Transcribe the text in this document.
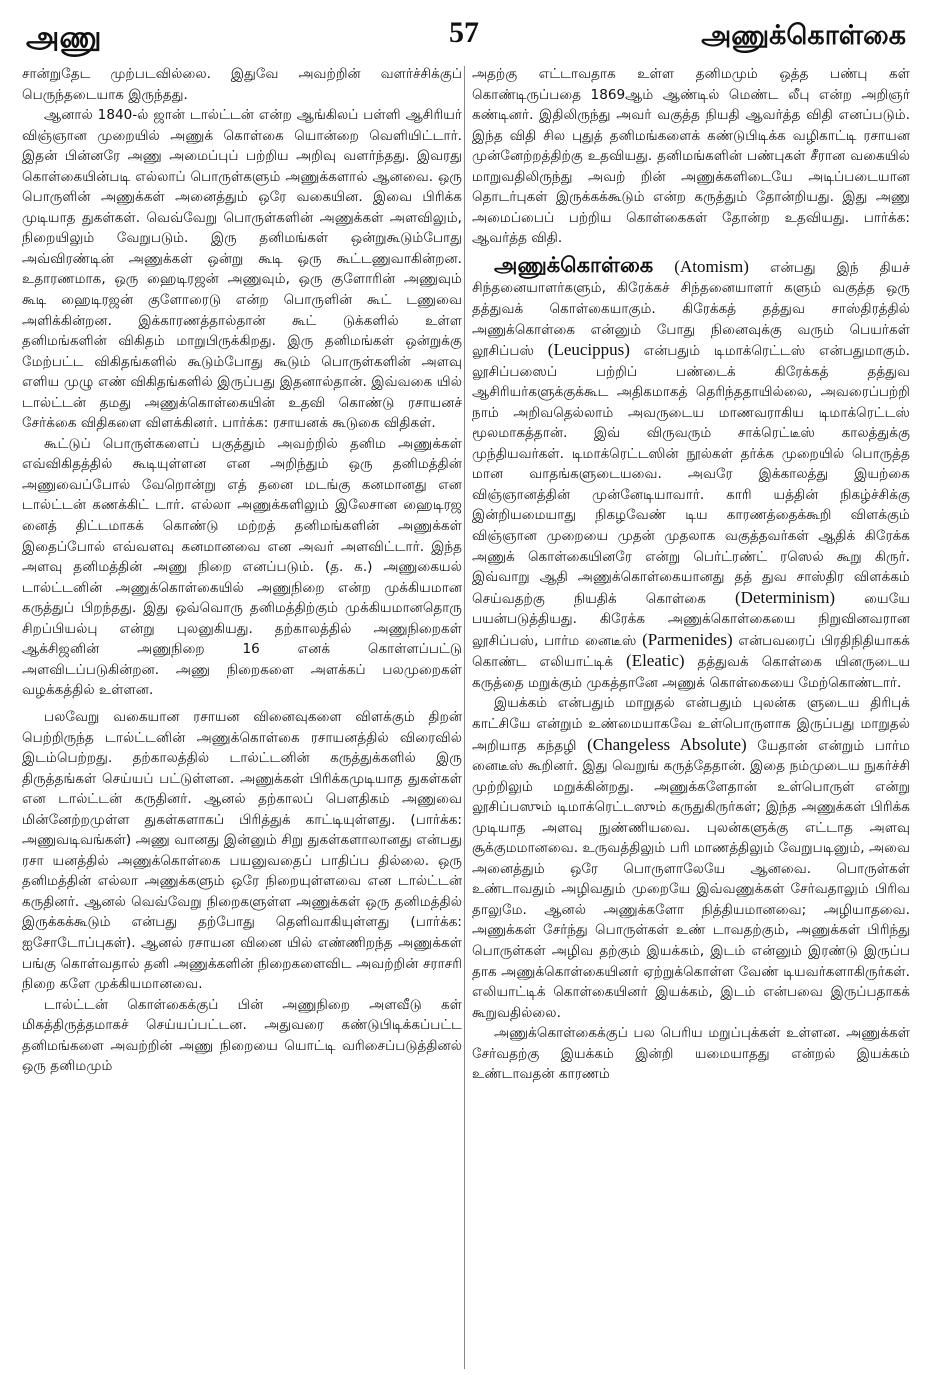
அணு	57	அணுக்கொள்கை

சான்றுதேட முற்படவில்லை. இதுவே அவற்றின் வளர்ச்சிக்குப் பெருந்தடையாக இருந்தது.

ஆனால் 1840-ல் ஜான் டால்ட்டன் என்ற ஆங்கிலப் பள்ளி ஆசிரியர் விஞ்ஞான முறையில் அணுக் கொள்கை யொன்றை வெளியிட்டார். இதன் பின்னரே அணு அமைப்புப் பற்றிய அறிவு வளர்ந்தது. இவரது கொள்கையின்படி எல்லாப் பொருள்களும் அணுக்களால் ஆனவை. ஒரு பொருளின் அணுக்கள் அனைத்தும் ஒரே வகையின. இவை பிரிக்க முடியாத துகள்கள். வெவ்வேறு பொருள்களின் அணுக்கள் அளவிலும், நிறையிலும் வேறுபடும். இரு தனிமங்கள் ஒன்றுகூடும்போது அவ்விரண்டின் அணுக்கள் ஒன்று கூடி ஒரு கூட்டணுவாகின்றன. உதாரணமாக, ஒரு ஹைடிரஜன் அணுவும், ஒரு குளோரின் அணுவும் கூடி ஹைடிரஜன் குளோரைடு என்ற பொருளின் கூட் டணுவை அளிக்கின்றன. இக்காரணத்தால்தான் கூட் டுக்களில் உள்ள தனிமங்களின் விகிதம் மாறுபிருக்கிறது. இரு தனிமங்கள் ஒன்றுக்கு மேற்பட்ட விகிதங்களில் கூடும்போது கூடும் பொருள்களின் அளவு எளிய முழு எண் விகிதங்களில் இருப்பது இதனால்தான். இவ்வகை யில் டால்ட்டன் தமது அணுக்கொள்கையின் உதவி கொண்டு ரசாயனச் சேர்க்கை விதிகளை விளக்கினர். பார்க்க: ரசாயனக் கூடுகை விதிகள்.

கூட்டுப் பொருள்களைப் பகுத்தும் அவற்றில் தனிம அணுக்கள் எவ்விகிதத்தில் கூடியுள்ளன என அறிந்தும் ஒரு தனிமத்தின் அணுவைப்போல் வேறொன்று எத் தனை மடங்கு கனமானது என டால்ட்டன் கணக்கிட் டார். எல்லா அணுக்களிலும் இலேசான ஹைடிரஜ னைத் திட்டமாகக் கொண்டு மற்றத் தனிமங்களின் அணுக்கள் இதைப்போல் எவ்வளவு கனமானவை என அவர் அளவிட்டார். இந்த அளவு தனிமத்தின் அணு நிறை எனப்படும். (த. க.) அணுகையல் டால்ட்டனின் அணுக்கொள்கையில் அணுநிறை என்ற முக்கியமான கருத்துப் பிறந்தது. இது ஒவ்வொரு தனிமத்திற்கும் முக்கியமானதொரு சிறப்பியல்பு என்று புலனுகியது. தற்காலத்தில் அணுநிறைகள் ஆக்சிஜனின் அணுநிறை 16 எனக் கொள்ளப்பட்டு அளவிடப்படுகின்றன. அணு நிறைகளை அளக்கப் பலமுறைகள் வழக்கத்தில் உள்ளன.

பலவேறு வகையான ரசாயன வினைவுகளை விளக்கும் திறன் பெற்றிருந்த டால்ட்டனின் அணுக்கொள்கை ரசாயனத்தில் விரைவில் இடம்பெற்றது. தற்காலத்தில் டால்ட்டனின் கருத்துக்களில் இரு திருத்தங்கள் செய்யப் பட்டுள்ளன. அணுக்கள் பிரிக்கமுடியாத துகள்கள் என டால்ட்டன் கருதினர். ஆனல் தற்காலப் பௌதிகம் அணுவை மின்னேற்றமுள்ள துகள்களாகப் பிரித்துக் காட்டியுள்ளது. (பார்க்க: அணுவடிவங்கள்) அணு வானது இன்னும் சிறு துகள்களாலானது என்பது ரசா யனத்தில் அணுக்கொள்கை பயனுவதைப் பாதிப்ப தில்லை. ஒரு தனிமத்தின் எல்லா அணுக்களும் ஒரே நிறையுள்ளவை என டால்ட்டன் கருதினர். ஆனல் வெவ்வேறு நிறைகளுள்ள அணுக்கள் ஒரு தனிமத்தில் இருக்கக்கூடும் என்பது தற்போது தெளிவாகியுள்ளது (பார்க்க: ஐசோடோப்புகள்). ஆனல் ரசாயன வினை யில் எண்ணிறந்த அணுக்கள் பங்கு கொள்வதால் தனி அணுக்களின் நிறைகளைவிட அவற்றின் சராசரி நிறை களே முக்கியமானவை.

டால்ட்டன் கொள்கைக்குப் பின் அணுநிறை அளவீடு கள் மிகத்திருத்தமாகச் செய்யப்பட்டன. அதுவரை கண்டுபிடிக்கப்பட்ட தனிமங்களை அவற்றின் அணு நிறையை யொட்டி வரிசைப்படுத்தினல் ஒரு தனிமமும்

அதற்கு எட்டாவதாக உள்ள தனிமமும் ஒத்த பண்பு கள் கொண்டிருப்பதை 1869ஆம் ஆண்டில் மெண்ட லீபு என்ற அறிஞர் கண்டினர். இதிலிருந்து அவர் வகுத்த நியதி ஆவர்த்த விதி எனப்படும். இந்த விதி சில புதுத் தனிமங்களைக் கண்டுபிடிக்க வழிகாட்டி ரசாயன முன்னேற்றத்திற்கு உதவியது. தனிமங்களின் பண்புகள் சீரான வகையில் மாறுவதிலிருந்து அவற் றின் அணுக்களிடையே அடிப்படையான தொடர்புகள் இருக்கக்கூடும் என்ற கருத்தும் தோன்றியது. இது அணு அமைப்பைப் பற்றிய கொள்கைகள் தோன்ற உதவியது. பார்க்க: ஆவர்த்த விதி.

அணுக்கொள்கை (Atomism) என்பது இந் தியச் சிந்தனையாளர்களும், கிரேக்கச் சிந்தனையாளர் களும் வகுத்த ஒரு தத்துவக் கொள்கையாகும். கிரேக்கத் தத்துவ சாஸ்திரத்தில் அணுக்கொள்கை என்னும் போது நினைவுக்கு வரும் பெயர்கள் லூசிப்பஸ் (Leucippus) என்பதும் டிமாக்ரெட்டஸ் என்பதுமாகும். லூசிப்பஸைப் பற்றிப் பண்டைக் கிரேக்கத் தத்துவ ஆசிரியர்களுக்குக்கூட அதிகமாகத் தெரிந்ததாயில்லை, அவரைப்பற்றி நாம் அறிவதெல்லாம் அவருடைய மாணவராகிய டிமாக்ரெட்டஸ் மூலமாகத்தான். இவ் விருவரும் சாக்ரெட்டீஸ் காலத்துக்கு முந்தியவர்கள். டிமாக்ரெட்டஸின் நூல்கள் தர்க்க முறையில் பொருத்த மான வாதங்களுடையவை. அவரே இக்காலத்து இயற்கை விஞ்ஞானத்தின் முன்னேடியாவார். காரி யத்தின் நிகழ்ச்சிக்கு இன்றியமையாது நிகழவேண் டிய காரணத்தைக்கூறி விளக்கும் விஞ்ஞான முறையை முதன் முதலாக வகுத்தவர்கள் ஆதிக் கிரேக்க அணுக் கொள்கையினரே என்று பெர்ட்ரண்ட் ரஸெல் கூறு கிருர். இவ்வாறு ஆதி அணுக்கொள்கையானது தத் துவ சாஸ்திர விளக்கம் செய்வதற்கு நியதிக் கொள்கை (Determinism) யையே பயன்படுத்தியது. கிரேக்க அணுக்கொள்கையை நிறுவினவரான லூசிப்பஸ், பார்ம னைடீஸ் (Parmenides) என்பவரைப் பிரதிநிதியாகக் கொண்ட எலியாட்டிக் (Eleatic) தத்துவக் கொள்கை யினருடைய கருத்தை மறுக்கும் முகத்தானே அணுக் கொள்கையை மேற்கொண்டார்.

இயக்கம் என்பதும் மாறுதல் என்பதும் புலன்க ளுடைய திரிபுக் காட்சியே என்றும் உண்மையாகவே உள்பொருளாக இருப்பது மாறுதல் அறியாத கந்தழி (Changeless Absolute) யேதான் என்றும் பார்ம னைடீஸ் கூறினர். இது வெறுங் கருத்தேதான். இதை நம்முடைய நுகர்ச்சி முற்றிலும் மறுக்கின்றது. அணுக்களேதான் உள்பொருள் என்று லூசிப்பஸும் டிமாக்ரெட்டஸும் கருதுகிருர்கள்; இந்த அணுக்கள் பிரிக்க முடியாத அளவு நுண்ணியவை. புலன்களுக்கு எட்டாத அளவு சூக்குமமானவை. உருவத்திலும் பரி மாணத்திலும் வேறுபடினும், அவை அனைத்தும் ஒரே பொருளாலேயே ஆனவை. பொருள்கள் உண்டாவதும் அழிவதும் முறையே இவ்வணுக்கள் சேர்வதாலும் பிரிவ தாலுமே. ஆனல் அணுக்களோ நித்தியமானவை; அழியாதவை. அணுக்கள் சேர்ந்து பொருள்கள் உண் டாவதற்கும், அணுக்கள் பிரிந்து பொருள்கள் அழிவ தற்கும் இயக்கம், இடம் என்னும் இரண்டு இருப்ப தாக அணுக்கொள்கையினர் ஏற்றுக்கொள்ள வேண் டியவர்களாகிருர்கள். எலியாட்டிக் கொள்கையினர் இயக்கம், இடம் என்பவை இருப்பதாகக் கூறுவதில்லை.

அணுக்கொள்கைக்குப் பல பெரிய மறுப்புக்கள் உள்ளன. அணுக்கள் சேர்வதற்கு இயக்கம் இன்றி யமையாதது என்றல் இயக்கம் உண்டாவதன் காரணம்
